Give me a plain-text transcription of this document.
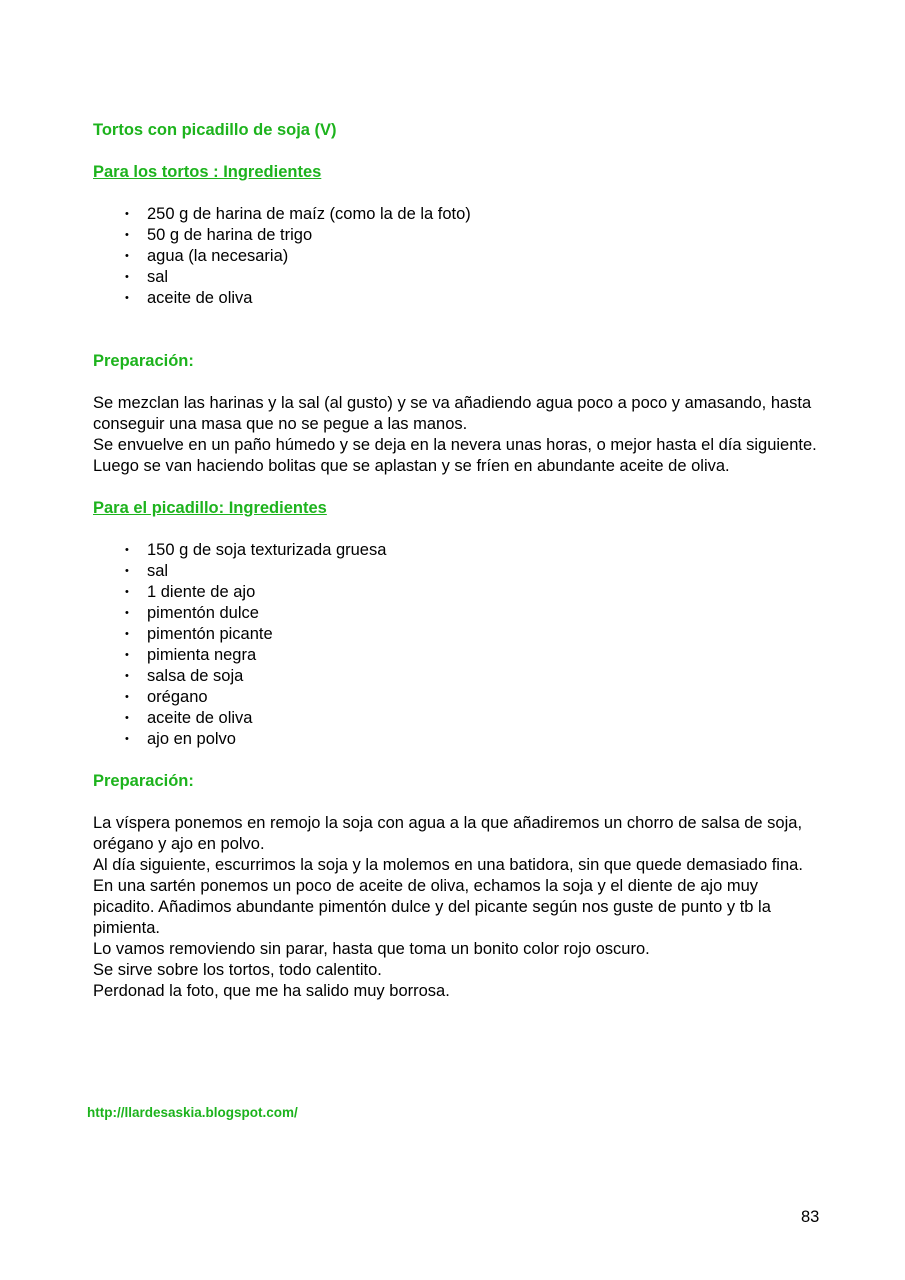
Tortos con picadillo de soja (V)

Para los tortos : Ingredientes

• 250 g de harina de maíz (como la de la foto)
• 50 g de harina de trigo
• agua (la necesaria)
• sal
• aceite de oliva

Preparación:

Se mezclan las harinas y la sal (al gusto) y se va añadiendo agua poco a poco y amasando, hasta conseguir una masa que no se pegue a las manos.

Se envuelve en un paño húmedo y se deja en la nevera unas horas, o mejor hasta el día siguiente.

Luego se van haciendo bolitas que se aplastan y se fríen en abundante aceite de oliva.

Para el picadillo: Ingredientes

• 150 g de soja texturizada gruesa
• sal
• 1 diente de ajo
• pimentón dulce
• pimentón picante
• pimienta negra
• salsa de soja
• orégano
• aceite de oliva
• ajo en polvo

Preparación:

La víspera ponemos en remojo la soja con agua a la que añadiremos un chorro de salsa de soja, orégano y ajo en polvo.

Al día siguiente, escurrimos la soja y la molemos en una batidora, sin que quede demasiado fina.

En una sartén ponemos un poco de aceite de oliva, echamos la soja y el diente de ajo muy picadito. Añadimos abundante pimentón dulce y del picante según nos guste de punto y tb la pimienta.

Lo vamos removiendo sin parar, hasta que toma un bonito color rojo oscuro.

Se sirve sobre los tortos, todo calentito.

Perdonad la foto, que me ha salido muy borrosa.

http://llardesaskia.blogspot.com/
83
